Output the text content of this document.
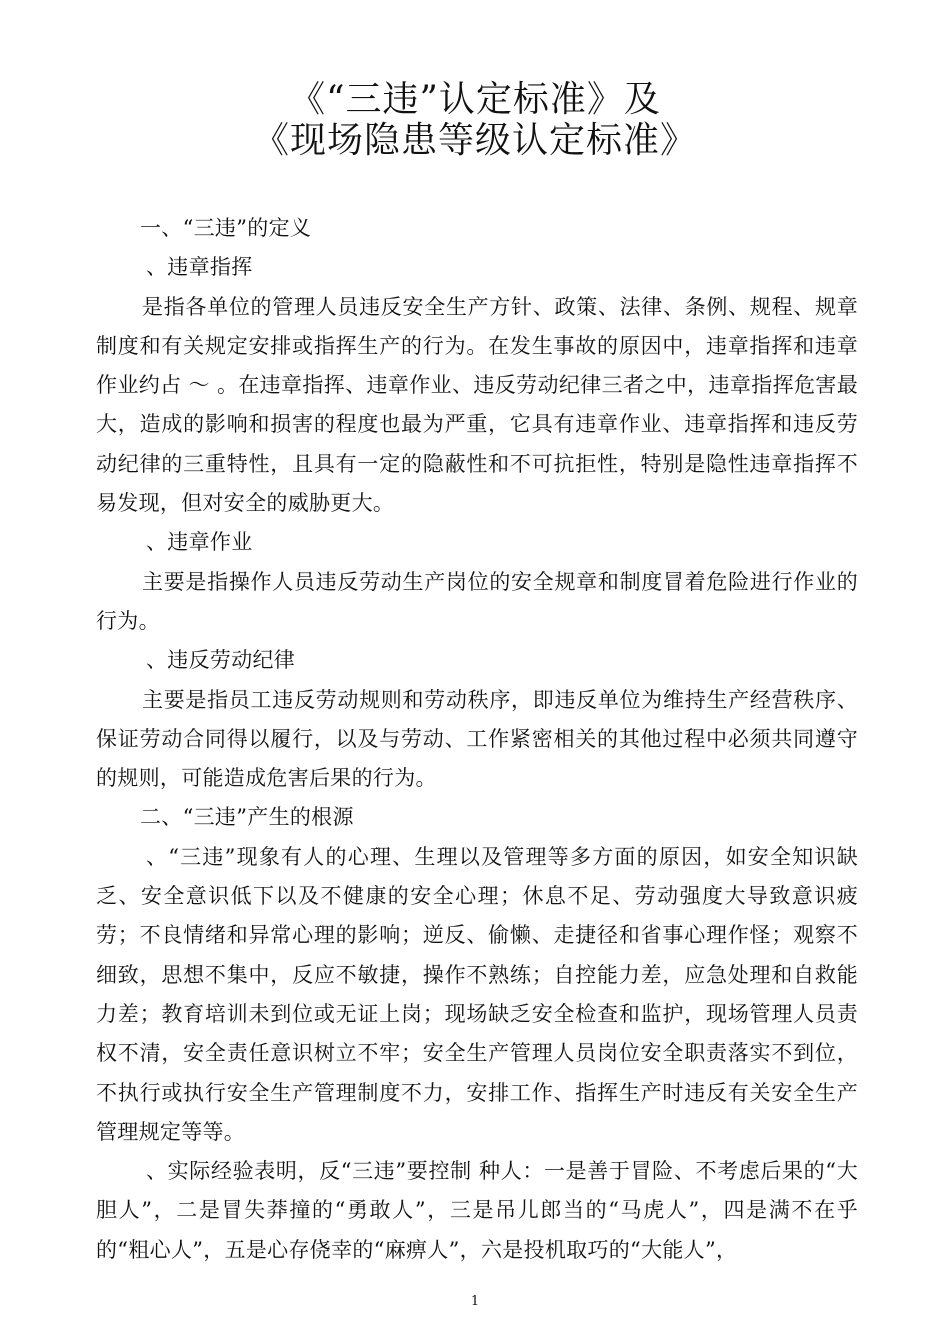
《“三违”认定标准》及
《现场隐患等级认定标准》

一、“三违”的定义

、违章指挥

是指各单位的管理人员违反安全生产方针、政策、法律、条例、规程、规章制度和有关规定安排或指挥生产的行为。在发生事故的原因中，违章指挥和违章作业约占 ～ 。在违章指挥、违章作业、违反劳动纪律三者之中，违章指挥危害最大，造成的影响和损害的程度也最为严重，它具有违章作业、违章指挥和违反劳动纪律的三重特性，且具有一定的隐蔽性和不可抗拒性，特别是隐性违章指挥不易发现，但对安全的威胁更大。

、违章作业

主要是指操作人员违反劳动生产岗位的安全规章和制度冒着危险进行作业的行为。

、违反劳动纪律

主要是指员工违反劳动规则和劳动秩序，即违反单位为维持生产经营秩序、保证劳动合同得以履行，以及与劳动、工作紧密相关的其他过程中必须共同遵守的规则，可能造成危害后果的行为。

二、“三违”产生的根源

、“三违”现象有人的心理、生理以及管理等多方面的原因，如安全知识缺乏、安全意识低下以及不健康的安全心理；休息不足、劳动强度大导致意识疲劳；不良情绪和异常心理的影响；逆反、偷懒、走捷径和省事心理作怪；观察不细致，思想不集中，反应不敏捷，操作不熟练；自控能力差，应急处理和自救能力差；教育培训未到位或无证上岗；现场缺乏安全检查和监护，现场管理人员责权不清，安全责任意识树立不牢；安全生产管理人员岗位安全职责落实不到位，不执行或执行安全生产管理制度不力，安排工作、指挥生产时违反有关安全生产管理规定等等。

、实际经验表明，反“三违”要控制 种人：一是善于冒险、不考虑后果的“大胆人”，二是冒失莽撞的“勇敢人”，三是吊儿郎当的“马虎人”，四是满不在乎的“粗心人”，五是心存侥幸的“麻痹人”，六是投机取巧的“大能人”，

1
